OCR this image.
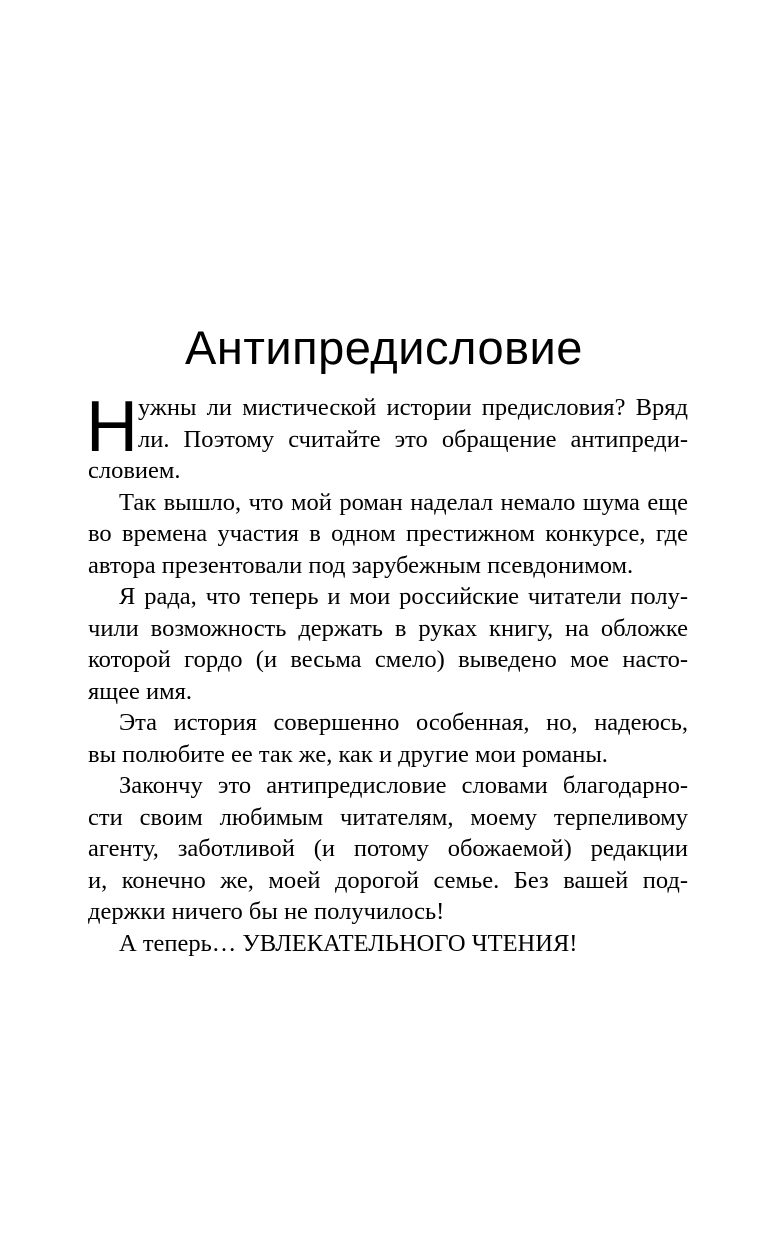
Антипредисловие
Н ужны ли мистической истории предисловия? Вряд
ли. Поэтому считайте это обращение антипреди-
словием.
Так вышло, что мой роман наделал немало шума еще
во времена участия в одном престижном конкурсе, где
автора презентовали под зарубежным псевдонимом.
Я рада, что теперь и мои российские читатели полу-
чили возможность держать в руках книгу, на обложке
которой гордо (и весьма смело) выведено мое насто-
ящее имя.
Эта история совершенно особенная, но, надеюсь,
вы полюбите ее так же, как и другие мои романы.
Закончу это антипредисловие словами благодарно-
сти своим любимым читателям, моему терпеливому
агенту, заботливой (и потому обожаемой) редакции
и, конечно же, моей дорогой семье. Без вашей под-
держки ничего бы не получилось!
А теперь… УВЛЕКАТЕЛЬНОГО ЧТЕНИЯ!
